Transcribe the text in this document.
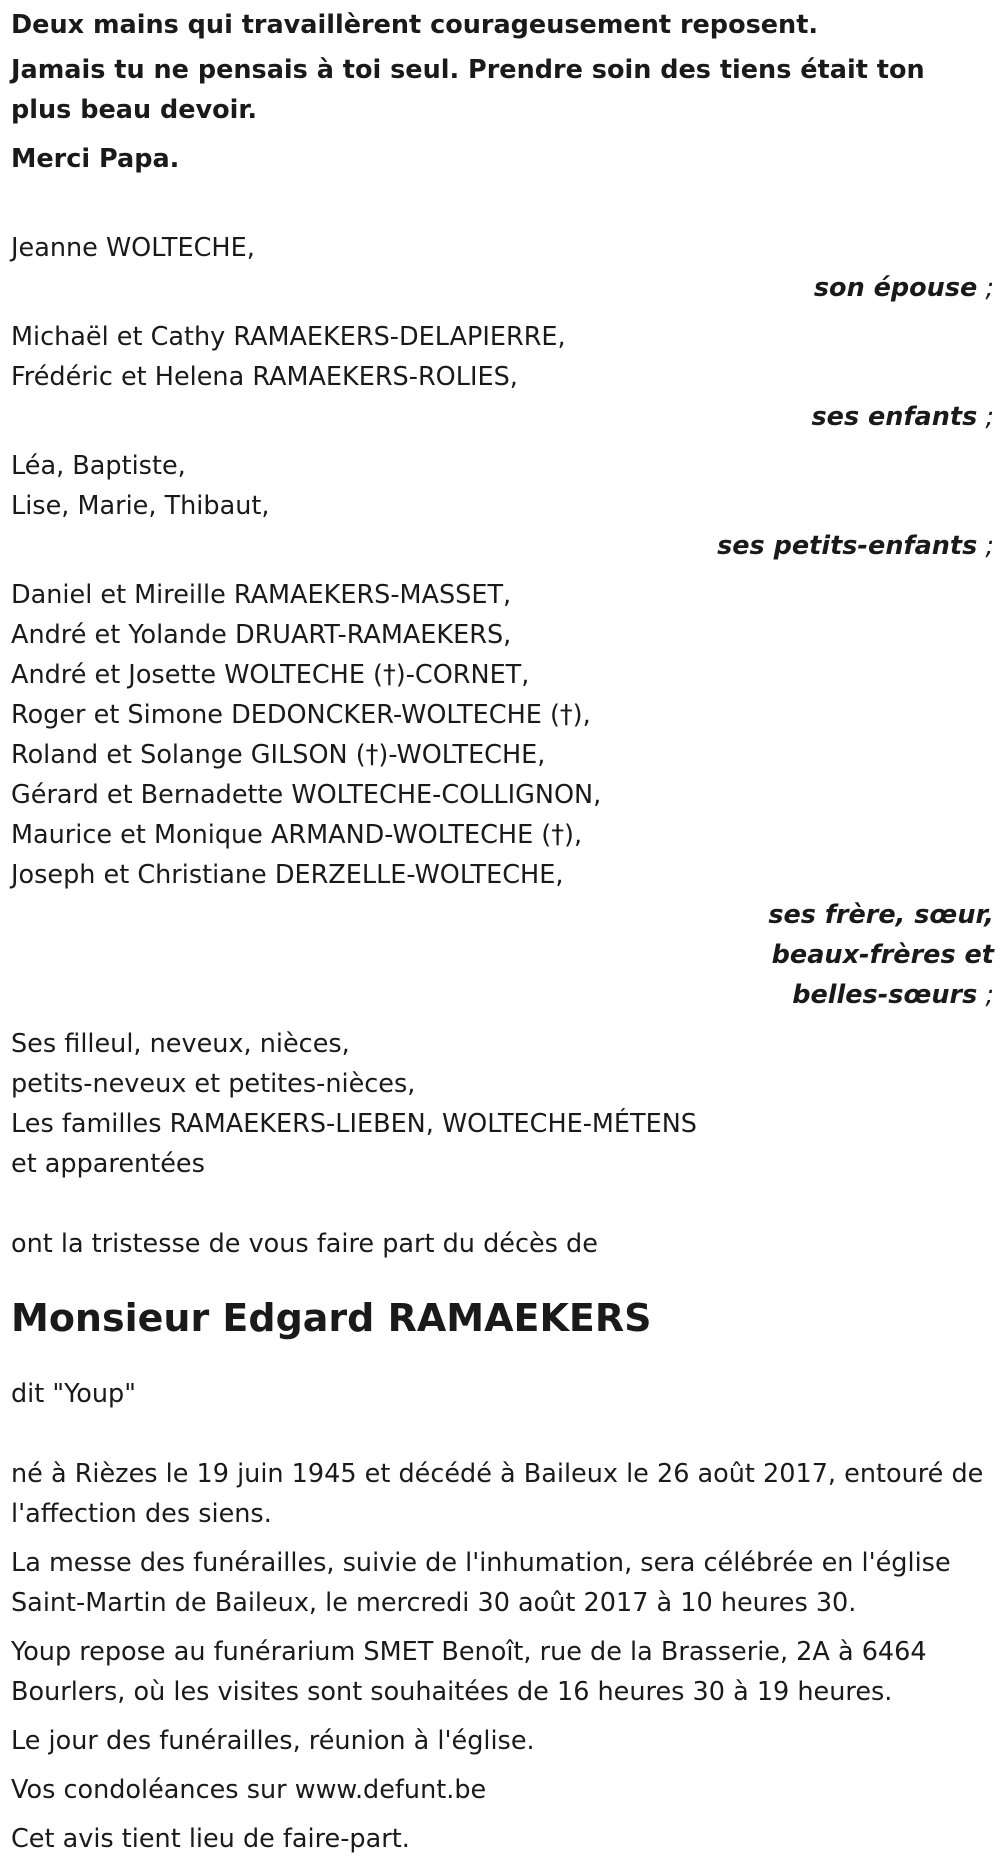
Deux mains qui travaillèrent courageusement reposent.

Jamais tu ne pensais à toi seul. Prendre soin des tiens était ton plus beau devoir.

Merci Papa.

Jeanne WOLTECHE,
son épouse ;
Michaël et Cathy RAMAEKERS-DELAPIERRE,
Frédéric et Helena RAMAEKERS-ROLIES,
ses enfants ;
Léa, Baptiste,
Lise, Marie, Thibaut,
ses petits-enfants ;
Daniel et Mireille RAMAEKERS-MASSET,
André et Yolande DRUART-RAMAEKERS,
André et Josette WOLTECHE (†)-CORNET,
Roger et Simone DEDONCKER-WOLTECHE (†),
Roland et Solange GILSON (†)-WOLTECHE,
Gérard et Bernadette WOLTECHE-COLLIGNON,
Maurice et Monique ARMAND-WOLTECHE (†),
Joseph et Christiane DERZELLE-WOLTECHE,
ses frère, sœur,
beaux-frères et
belles-sœurs ;
Ses filleul, neveux, nièces,
petits-neveux et petites-nièces,
Les familles RAMAEKERS-LIEBEN, WOLTECHE-MÉTENS
et apparentées
ont la tristesse de vous faire part du décès de
Monsieur Edgard RAMAEKERS
dit "Youp"

né à Rièzes le 19 juin 1945 et décédé à Baileux le 26 août 2017, entouré de l'affection des siens.

La messe des funérailles, suivie de l'inhumation, sera célébrée en l'église Saint-Martin de Baileux, le mercredi 30 août 2017 à 10 heures 30.

Youp repose au funérarium SMET Benoît, rue de la Brasserie, 2A à 6464 Bourlers, où les visites sont souhaitées de 16 heures 30 à 19 heures.

Le jour des funérailles, réunion à l'église.

Vos condoléances sur www.defunt.be

Cet avis tient lieu de faire-part.
